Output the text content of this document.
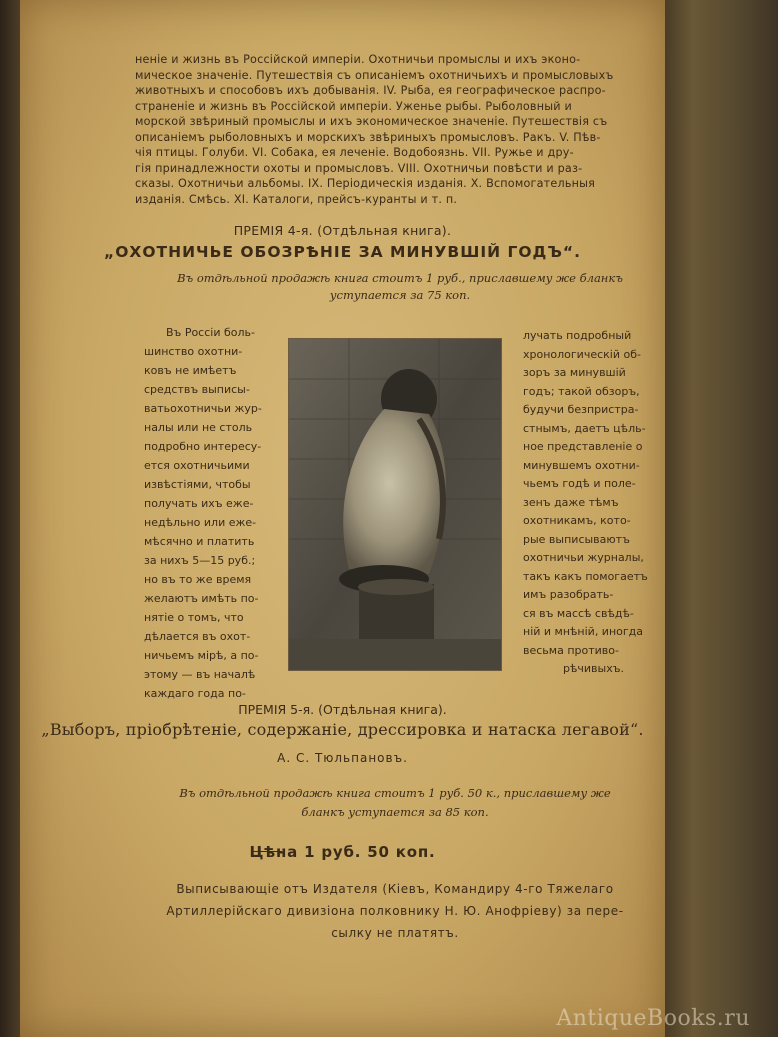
неніе и жизнь въ Россійской имперіи. Охотничьи промыслы и ихъ эконо-
мическое значеніе. Путешествія съ описаніемъ охотничьихъ и промысловыхъ
животныхъ и способовъ ихъ добыванія. IV. Рыба, ея географическое распро-
страненіе и жизнь въ Россійской имперіи. Уженье рыбы. Рыболовный и
морской звѣриный промыслы и ихъ экономическое значеніе. Путешествія съ
описаніемъ рыболовныхъ и морскихъ звѣриныхъ промысловъ. Ракъ. V. Пѣв-
чія птицы. Голуби. VI. Собака, ея леченіе. Водобоязнь. VII. Ружье и дру-
гія принадлежности охоты и промысловъ. VIII. Охотничьи повѣсти и раз-
сказы. Охотничьи альбомы. IX. Періодическія изданія. X. Вспомогательныя
изданія. Смѣсь. XI. Каталоги, прейсъ-куранты и т. п.
ПРЕМІЯ 4-я. (Отдѣльная книга).
„ОХОТНИЧЬЕ ОБОЗРѢНІЕ ЗА МИНУВШІЙ ГОДЪ“.
Въ отдѣльной продажѣ книга стоитъ 1 руб., приславшему же бланкъ
уступается за 75 коп.
Въ Россіи боль-
шинство охотни-
ковъ не имѣетъ
средствъ выписы-
ватьохотничьи жур-
налы или не столь
подробно интересу-
ется охотничьими
извѣстіями, чтобы
получать ихъ еже-
недѣльно или еже-
мѣсячно и платить
за нихъ 5—15 руб.;
но въ то же время
желаютъ имѣть по-
нятіе о томъ, что
дѣлается въ охот-
ничьемъ мірѣ, а по-
этому — въ началѣ
каждаго года по-
лучать подробный
хронологическій об-
зоръ за минувшій
годъ; такой обзоръ,
будучи безпристра-
стнымъ, даетъ цѣль-
ное представленіе о
минувшемъ охотни-
чьемъ годѣ и поле-
зенъ даже тѣмъ
охотникамъ, кото-
рые выписываютъ
охотничьи журналы,
такъ какъ помогаетъ
имъ разобрать-
ся въ массѣ свѣдѣ-
ній и мнѣній, иногда
весьма противо-
рѣчивыхъ.
ПРЕМІЯ 5-я. (Отдѣльная книга).
„Выборъ, пріобрѣтеніе, содержаніе, дрессировка и натаска легавой“.
А. С. Тюльпановъ.
Въ отдѣльной продажѣ книга стоитъ 1 руб. 50 к., приславшему же
бланкъ уступается за 85 коп.
Цѣна 1 руб. 50 коп.
Выписывающіе отъ Издателя (Кіевъ, Командиру 4-го Тяжелаго
Артиллерійскаго дивизіона полковнику Н. Ю. Анофріеву) за пере-
сылку не платятъ.
AntiqueBooks.ru
